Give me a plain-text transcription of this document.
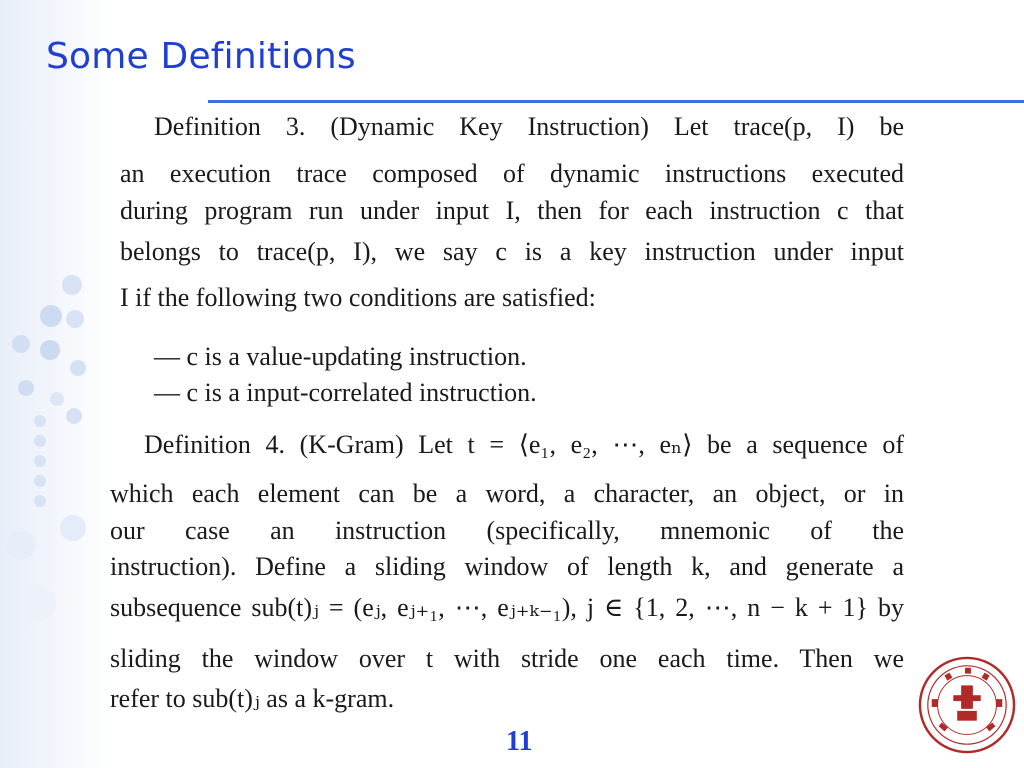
Some Definitions
Definition 3. (Dynamic Key Instruction) Let trace(p, I) be
an execution trace composed of dynamic instructions executed
during program run under input I, then for each instruction c that
belongs to trace(p, I), we say c is a key instruction under input
I if the following two conditions are satisfied:
— c is a value-updating instruction.
— c is a input-correlated instruction.
Definition 4. (K-Gram) Let t = ⟨e₁, e₂, ⋯, eₙ⟩ be a sequence of
which each element can be a word, a character, an object, or in
our case an instruction (specifically, mnemonic of the
instruction). Define a sliding window of length k, and generate a
subsequence sub(t)ⱼ = (eⱼ, eⱼ₊₁, ⋯, eⱼ₊ₖ₋₁), j ∈ {1, 2, ⋯, n − k + 1} by
sliding the window over t with stride one each time. Then we
refer to sub(t)ⱼ as a k-gram.
11
